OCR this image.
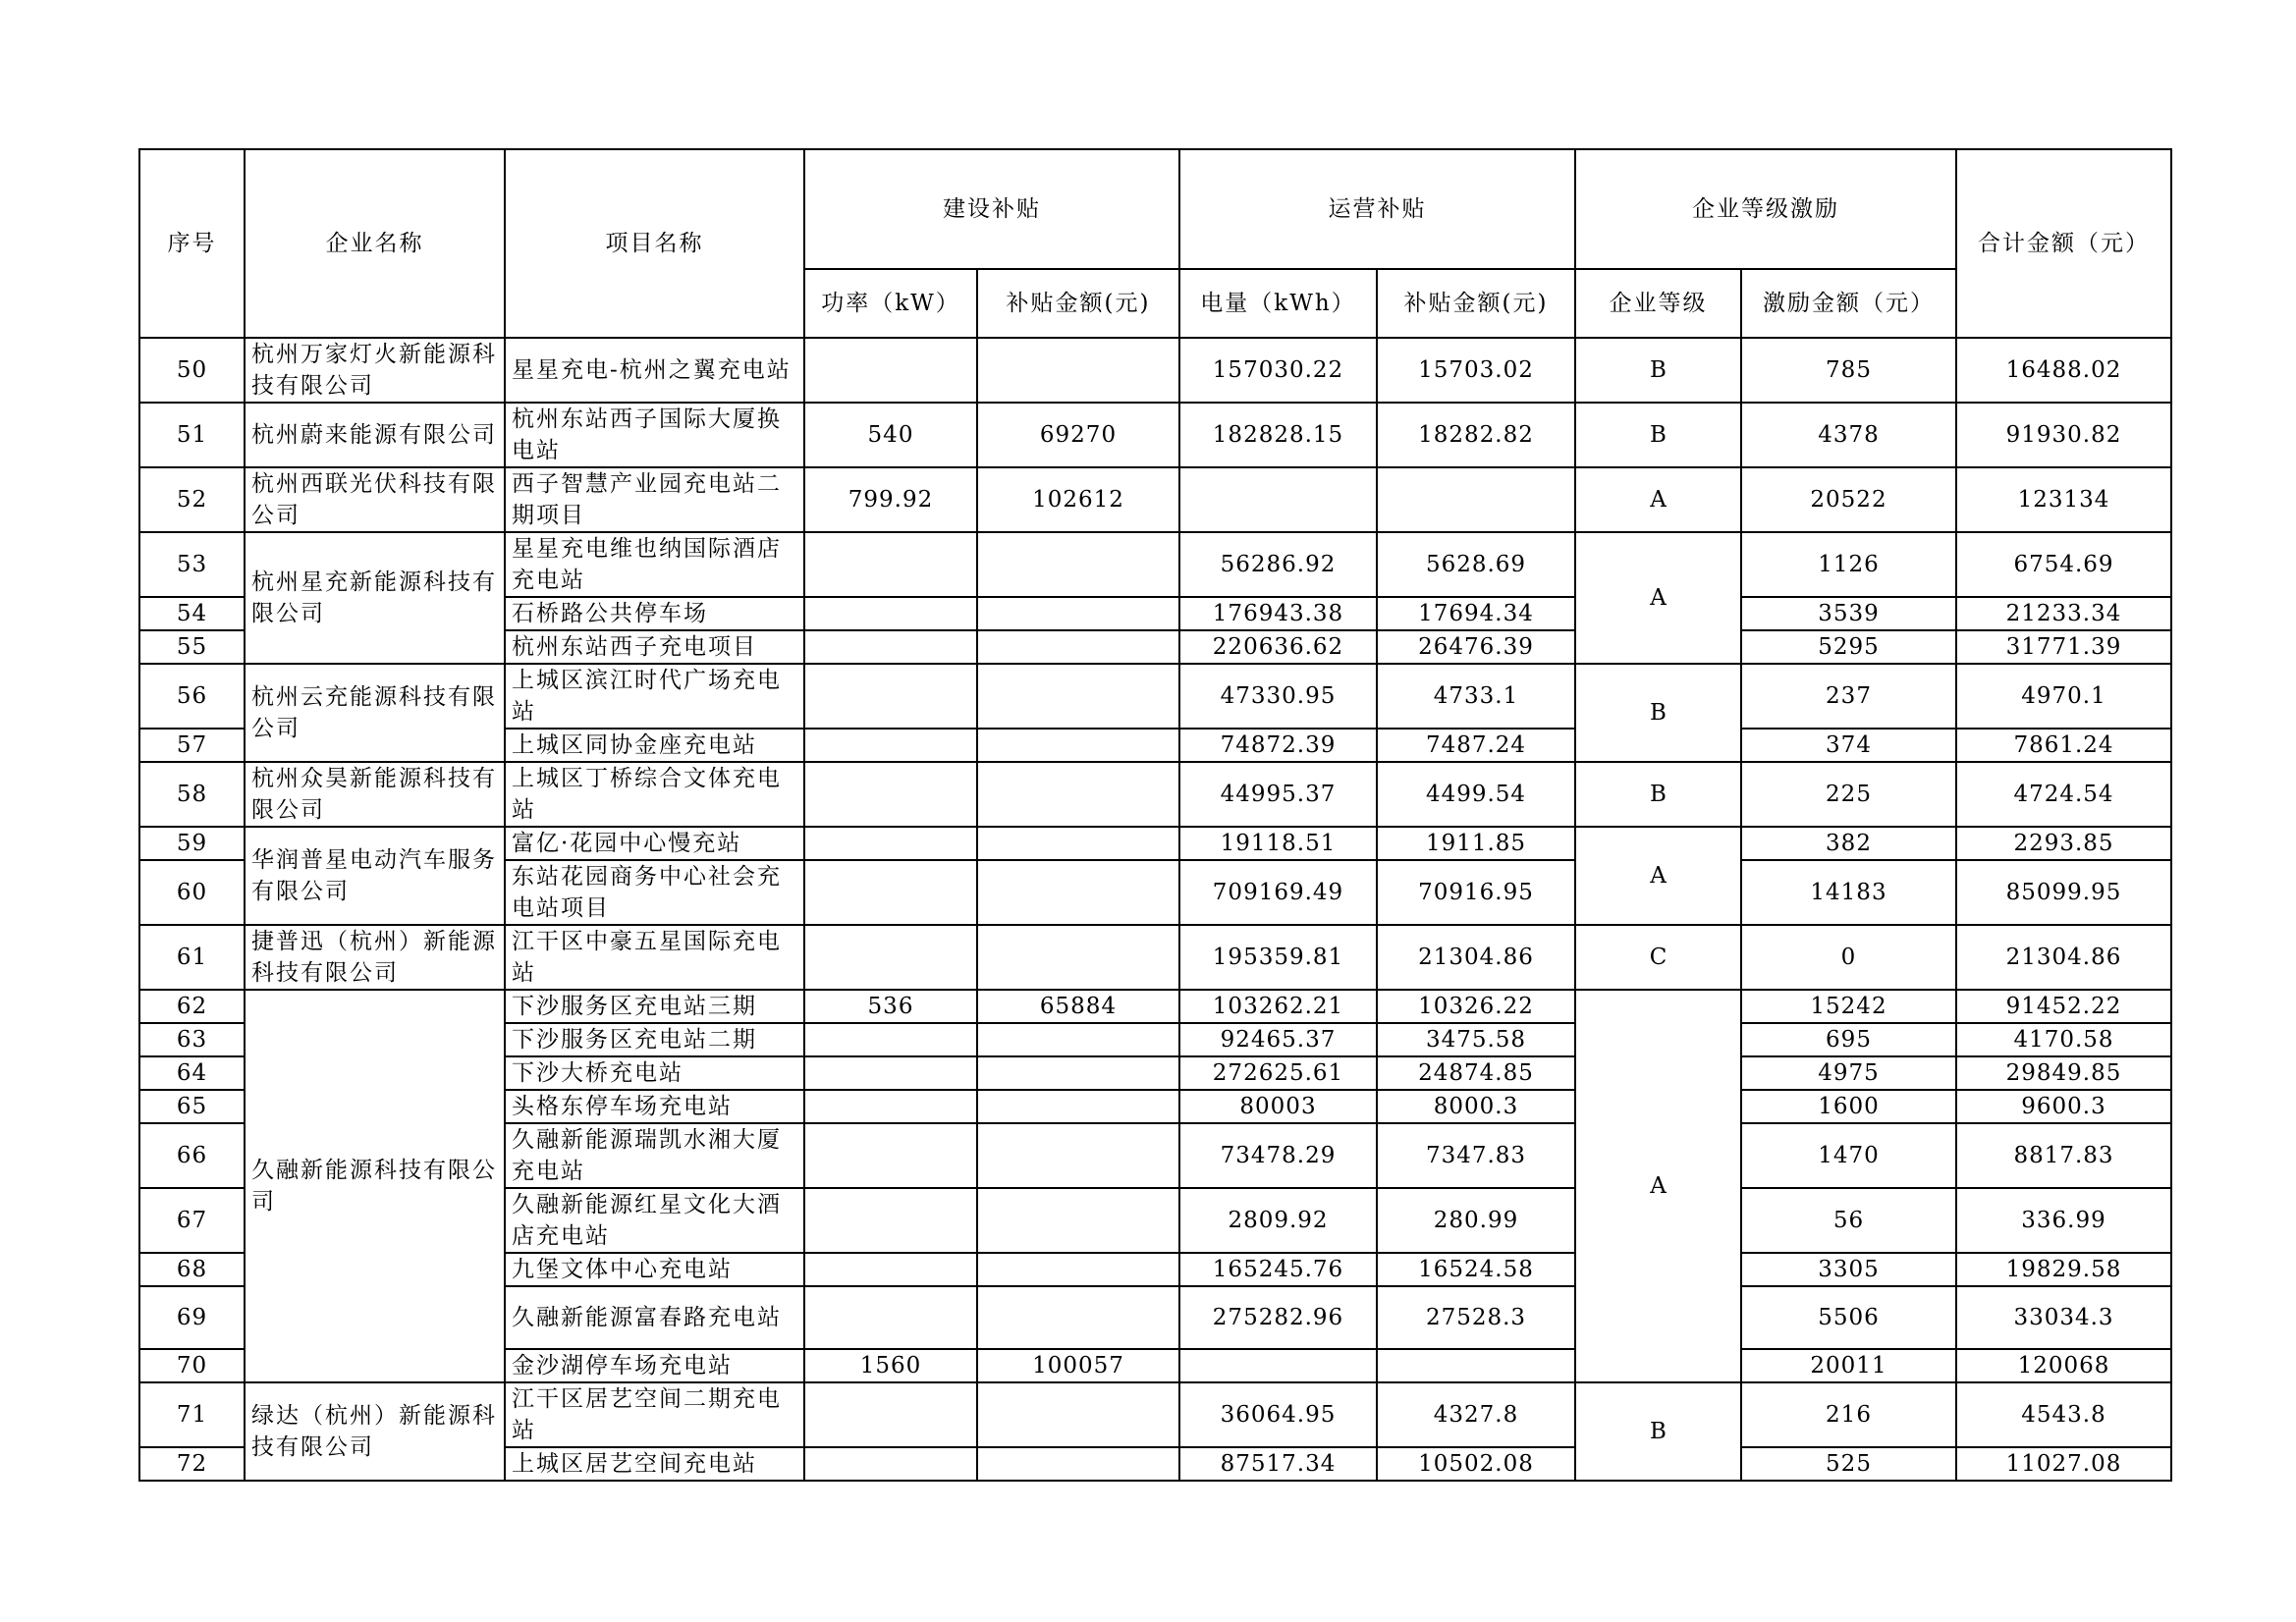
序号	企业名称	项目名称	建设补贴		运营补贴		企业等级激励		合计金额（元）
			功率（kW）	补贴金额(元)	电量（kWh）	补贴金额(元)	企业等级	激励金额（元）	
50	杭州万家灯火新能源科技有限公司	星星充电-杭州之翼充电站			157030.22	15703.02	B	785	16488.02
51	杭州蔚来能源有限公司	杭州东站西子国际大厦换电站	540	69270	182828.15	18282.82	B	4378	91930.82
52	杭州西联光伏科技有限公司	西子智慧产业园充电站二期项目	799.92	102612			A	20522	123134
53	杭州星充新能源科技有限公司	星星充电维也纳国际酒店充电站			56286.92	5628.69	A	1126	6754.69
54		石桥路公共停车场			176943.38	17694.34		3539	21233.34
55		杭州东站西子充电项目			220636.62	26476.39		5295	31771.39
56	杭州云充能源科技有限公司	上城区滨江时代广场充电站			47330.95	4733.1	B	237	4970.1
57		上城区同协金座充电站			74872.39	7487.24		374	7861.24
58	杭州众昊新能源科技有限公司	上城区丁桥综合文体充电站			44995.37	4499.54	B	225	4724.54
59	华润普星电动汽车服务有限公司	富亿·花园中心慢充站			19118.51	1911.85	A	382	2293.85
60		东站花园商务中心社会充电站项目			709169.49	70916.95		14183	85099.95
61	捷普迅（杭州）新能源科技有限公司	江干区中豪五星国际充电站			195359.81	21304.86	C	0	21304.86
62	久融新能源科技有限公司	下沙服务区充电站三期	536	65884	103262.21	10326.22	A	15242	91452.22
63		下沙服务区充电站二期			92465.37	3475.58		695	4170.58
64		下沙大桥充电站			272625.61	24874.85		4975	29849.85
65		头格东停车场充电站			80003	8000.3		1600	9600.3
66		久融新能源瑞凯水湘大厦充电站			73478.29	7347.83		1470	8817.83
67		久融新能源红星文化大酒店充电站			2809.92	280.99		56	336.99
68		九堡文体中心充电站			165245.76	16524.58		3305	19829.58
69		久融新能源富春路充电站			275282.96	27528.3		5506	33034.3
70		金沙湖停车场充电站	1560	100057				20011	120068
71	绿达（杭州）新能源科技有限公司	江干区居艺空间二期充电站			36064.95	4327.8	B	216	4543.8
72		上城区居艺空间充电站			87517.34	10502.08		525	11027.08
